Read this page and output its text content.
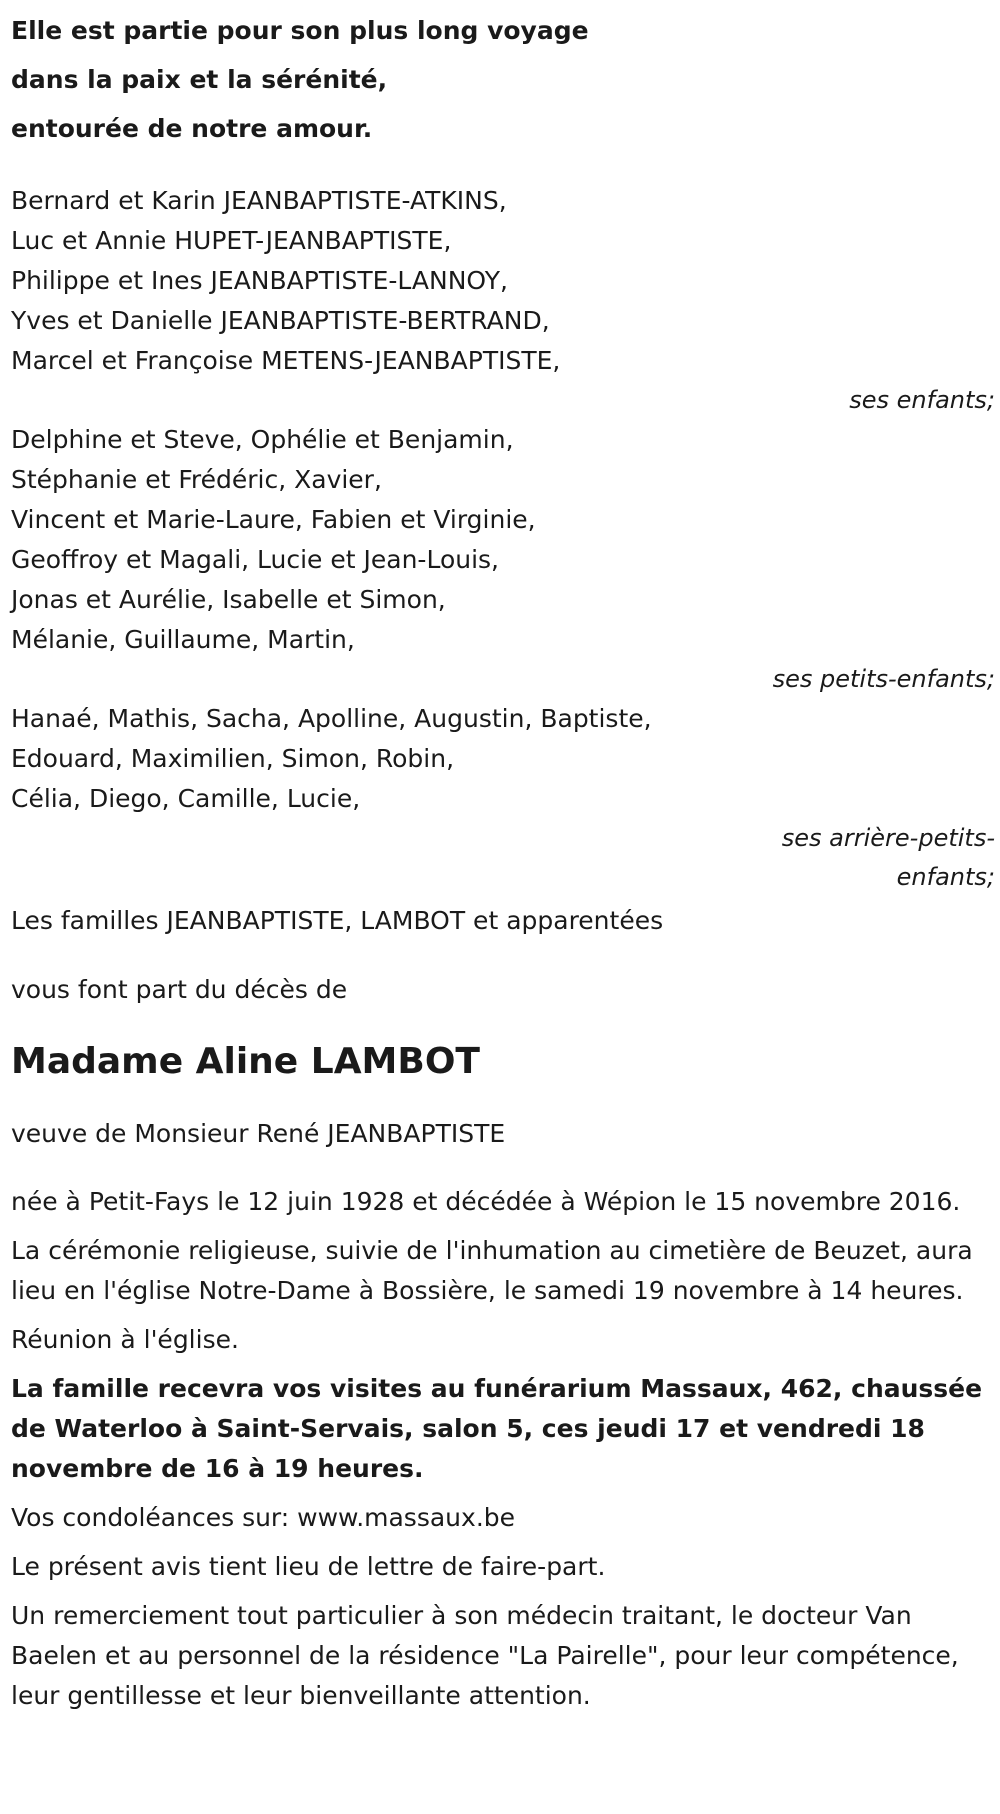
Elle est partie pour son plus long voyage
dans la paix et la sérénité,
entourée de notre amour.
Bernard et Karin JEANBAPTISTE-ATKINS,
Luc et Annie HUPET-JEANBAPTISTE,
Philippe et Ines JEANBAPTISTE-LANNOY,
Yves et Danielle JEANBAPTISTE-BERTRAND,
Marcel et Françoise METENS-JEANBAPTISTE,
ses enfants;
Delphine et Steve, Ophélie et Benjamin,
Stéphanie et Frédéric, Xavier,
Vincent et Marie-Laure, Fabien et Virginie,
Geoffroy et Magali, Lucie et Jean-Louis,
Jonas et Aurélie, Isabelle et Simon,
Mélanie, Guillaume, Martin,
ses petits-enfants;
Hanaé, Mathis, Sacha, Apolline, Augustin, Baptiste,
Edouard, Maximilien, Simon, Robin,
Célia, Diego, Camille, Lucie,
ses arrière-petits-
enfants;
Les familles JEANBAPTISTE, LAMBOT et apparentées
vous font part du décès de
Madame Aline LAMBOT
veuve de Monsieur René JEANBAPTISTE

née à Petit-Fays le 12 juin 1928 et décédée à Wépion le 15 novembre 2016.

La cérémonie religieuse, suivie de l'inhumation au cimetière de Beuzet, aura lieu en l'église Notre-Dame à Bossière, le samedi 19 novembre à 14 heures.

Réunion à l'église.

La famille recevra vos visites au funérarium Massaux, 462, chaussée de Waterloo à Saint-Servais, salon 5, ces jeudi 17 et vendredi 18 novembre de 16 à 19 heures.

Vos condoléances sur: www.massaux.be

Le présent avis tient lieu de lettre de faire-part.

Un remerciement tout particulier à son médecin traitant, le docteur Van Baelen et au personnel de la résidence "La Pairelle", pour leur compétence, leur gentillesse et leur bienveillante attention.
